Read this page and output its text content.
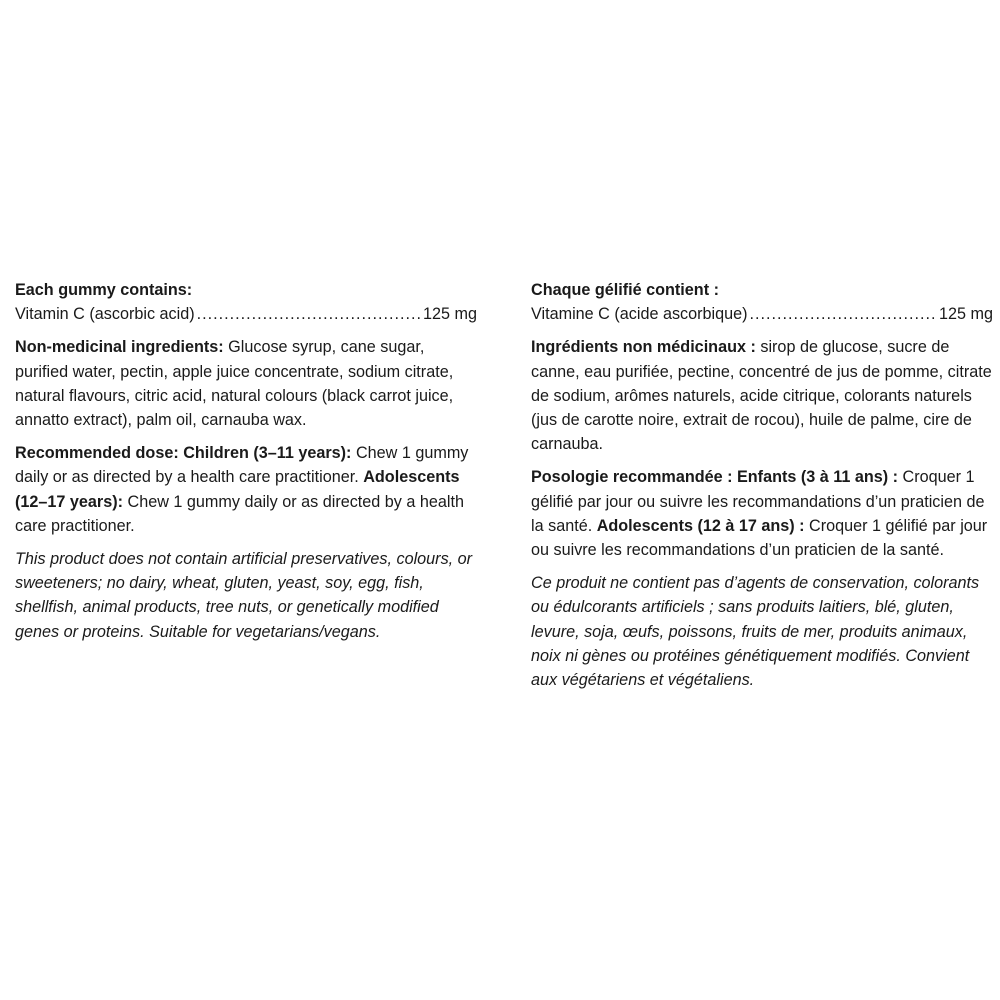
Each gummy contains:
Vitamin C (ascorbic acid) .....	125 mg
Non-medicinal ingredients: Glucose syrup, cane sugar, purified water, pectin, apple juice concentrate, sodium citrate, natural flavours, citric acid, natural colours (black carrot juice, annatto extract), palm oil, carnauba wax.
Recommended dose: Children (3–11 years): Chew 1 gummy daily or as directed by a health care practitioner. Adolescents (12–17 years): Chew 1 gummy daily or as directed by a health care practitioner.
This product does not contain artificial preservatives, colours, or sweeteners; no dairy, wheat, gluten, yeast, soy, egg, fish, shellfish, animal products, tree nuts, or genetically modified genes or proteins. Suitable for vegetarians/vegans.
Chaque gélifié contient :
Vitamine C (acide ascorbique) .....	125 mg
Ingrédients non médicinaux : sirop de glucose, sucre de canne, eau purifiée, pectine, concentré de jus de pomme, citrate de sodium, arômes naturels, acide citrique, colorants naturels (jus de carotte noire, extrait de rocou), huile de palme, cire de carnauba.
Posologie recommandée : Enfants (3 à 11 ans) : Croquer 1 gélifié par jour ou suivre les recommandations d’un praticien de la santé. Adolescents (12 à 17 ans) : Croquer 1 gélifié par jour ou suivre les recommandations d’un praticien de la santé.
Ce produit ne contient pas d’agents de conservation, colorants ou édulcorants artificiels ; sans produits laitiers, blé, gluten, levure, soja, œufs, poissons, fruits de mer, produits animaux, noix ni gènes ou protéines génétiquement modifiés. Convient aux végétariens et végétaliens.
